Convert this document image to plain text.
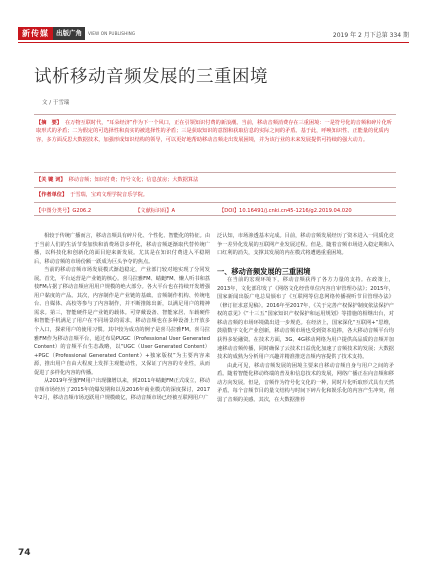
新传媒	出版广角	VIEW ON PUBLISHING	2019 年 2 月下总第 334 期
试析移动音频发展的三重困境
文 / 于雪瑞
【摘　要】 在万物互联时代，“耳朵经济”作为下一个风口，正在引领知识付费的新浪潮。当前，移动音频消费存在三重困境：一是符号化的音频和碎片化听取形式的矛盾；二为假定的可选择性和真实的被选择性的矛盾；三是获取知识的意图和获取信息的实际之间的矛盾。基于此，呼唤知识性、正能量的优质内容，多方面反思大数据技术，加强形成知识结构的领导，可以更好地帮助移动音频走出发展困境，并为该行业的未来发展提供可持续的强大动力。
【关 键 词】 移动音频；知识付费；符号文化；信息茧房；大数据算法
【作者单位】 于雪瑞，宝鸡文理学院音乐学院。
【中图分类号】G206.2	【文献标识码】A	【DOI】10.16491/j.cnki.cn45-1216/g2.2019.04.020

相较于传统广播而言，移动音频具有碎片化、个性化、智能化的特征。由于当前人们的生活节奏加快和消费场景多样化，移动音频逐渐取代替传统广播，以科技化和创新化的面目迎来新发展。尤其是在知识付费进入平稳期后，移动音频的市场份额一跃成为巨头争夺的焦点。

当前的移动音频市场发展模式渐趋稳定，产业部门较对地实现了分同发展。首先，平台运营是产业链的核心。喜马拉雅FM、蜻蜓FM、懒人听书和荔枝FM占据了移动音频应用用户规模的绝大部分。各大平台也在持续开发增强用户黏度的产品。其次，内容制作是产业链的基础。音频制作机构、传统电台、自媒体、高校等参与了内容制作，并不断推陈出新，以满足用户的精神需求。第三，智能硬件是产业链的载体。可穿戴设备、智能家居、车载硬件和智能手机满足了用户在不同场景的需求，移动音频也在多种设备上开放多个入口，探索用户的使用习惯。其中较为成功的例子是喜马拉雅FM。喜马拉雅FM作为移动音频平台，通过布局PUGC（Professional User Generated Content）的音频平台生态战略，以“UGC（User Generated Content）+PGC（Professional Generated Content）+独家版权”为主要内容来源，推出用户自由大程度上发挥主观能动性，又保证了内容的专业性，从而促进了多样化内容的传播。

从2019年至蜜FM用户出现骤增以来，到2011年蜻蜓FM正式成立，移动音频市场经历了2015年的爆发期和以及2016年商业模式的深度探讨，2017年2月，移动音频市场迈跃用户规模破亿，移动音频市场已经被互联网用户广

泛认知，市场渗透基本完成。目前，移动音频发展经历了资本进入一同质化竞争一差异化发展的互联网产业发展过程。但是，随着音频市场进入稳定期和入口红利的消失，支撑其发展的内在模式将遭遇重重困境。

一、移动音频发展的三重困境

在当前的宏观环境下，移动音频获得了各方力量的支持。在政策上，2013年，文化部印发了《网络文化经营单位内容自审管理办法》；2015年，国家新闻出版广电总局颁布了《互联网等信息网络传播视听节目管理办法》（修订征求意见稿）。2016年至2017年，《关于完善产权保护制度依法保护产权的意见》《“十三五”国家知识产权保护和运用规划》等措施的相继出台，对移动音频的市场环境做出进一步规范。在经济上，国家深化“互联网+”思维，鼓励数字文化产业创新，移动音频市场也受到资本追捧，各大移动音频平台均获得多轮融资。在技术方面，3G、4G移动网络为用户提供高品质的音频并加速移动音频传播，同时确保了云技术日益优化加速了音频技术的发展；大数据技术的成熟为分析用户兴趣并精准推送音频内容提供了技术支持。

由此可见，移动音频发展的困境主要来自移动音频自身与用户之间的矛盾。随着智能化移动终端的普及和信息技术的发展，网络广播正在向音频和移动方向发展。但是，音频作为符号化文化的一种，同时片化听取形式具有天然矛盾。每个音频节目的量文结构与时间下碎片化和娱乐化的内容产生冲突，削弱了音频的美感。其次，在大数据推荐

74
